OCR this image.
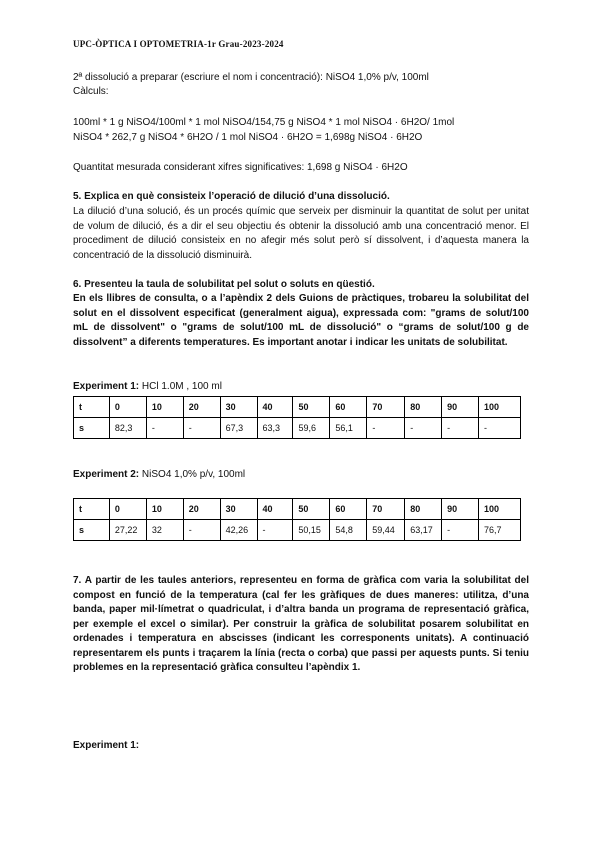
UPC-ÒPTICA I OPTOMETRIA-1r Grau-2023-2024
2ª dissolució a preparar (escriure el nom i concentració): NiSO4 1,0% p/v, 100ml
Càlculs:
100ml * 1 g NiSO4/100ml * 1 mol NiSO4/154,75 g NiSO4 * 1 mol NiSO4 · 6H2O/ 1mol
NiSO4 * 262,7 g NiSO4 * 6H2O / 1 mol NiSO4 · 6H2O = 1,698g NiSO4 · 6H2O
Quantitat mesurada considerant xifres significatives: 1,698 g NiSO4 · 6H2O
5. Explica en què consisteix l’operació de dilució d’una dissolució.
La dilució d’una solució, és un procés químic que serveix per disminuir la quantitat de solut per unitat de volum de dilució, és a dir el seu objectiu és obtenir la dissolució amb una concentració menor. El procediment de dilució consisteix en no afegir més solut però sí dissolvent, i d’aquesta manera la concentració de la dissolució disminuirà.
6. Presenteu la taula de solubilitat pel solut o soluts en qüestió.
En els llibres de consulta, o a l’apèndix 2 dels Guions de pràctiques, trobareu la solubilitat del solut en el dissolvent especificat (generalment aigua), expressada com: "grams de solut/100 mL de dissolvent" o "grams de solut/100 mL de dissolució" o “grams de solut/100 g de dissolvent” a diferents temperatures. Es important anotar i indicar les unitats de solubilitat.
Experiment 1: HCl 1.0M , 100 ml
t	0	10	20	30	40	50	60	70	80	90	100
s	82,3	-	-	67,3	63,3	59,6	56,1	-	-	-	-
Experiment 2: NiSO4 1,0% p/v, 100ml
t	0	10	20	30	40	50	60	70	80	90	100
s	27,22	32	-	42,26	-	50,15	54,8	59,44	63,17	-	76,7
7. A partir de les taules anteriors, representeu en forma de gràfica com varia la solubilitat del compost en funció de la temperatura (cal fer les gràfiques de dues maneres: utilitza, d’una banda, paper mil·límetrat o quadriculat, i d’altra banda un programa de representació gràfica, per exemple el excel o similar). Per construir la gràfica de solubilitat posarem solubilitat en ordenades i temperatura en abscisses (indicant les corresponents unitats). A continuació representarem els punts i traçarem la línia (recta o corba) que passi per aquests punts. Si teniu problemes en la representació gràfica consulteu l’apèndix 1.
Experiment 1:
